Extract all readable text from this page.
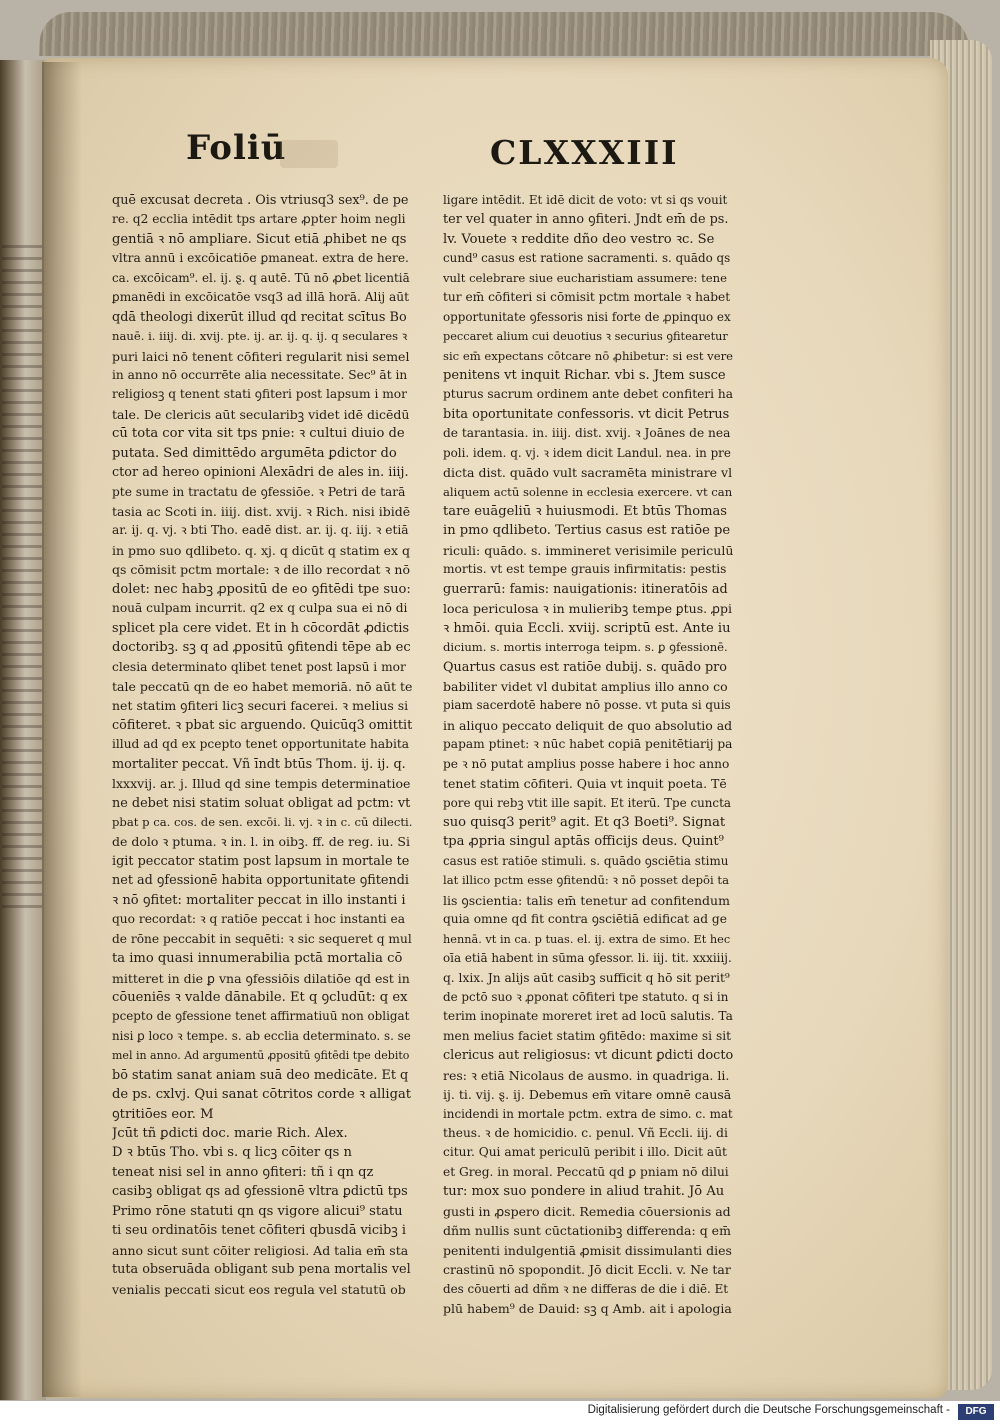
Foliū	CLXXXIII
quē excusat decreta . Ois vtriusq3 sex⁹. de pe
re. q2 ecclia intēdit tps artare ꝓpter hoim negli
gentiā ꝛ nō ampliare. Sicut etiā ꝓhibet ne qs
vltra annū i excōicatiōe ꝑmaneat. extra de here.
ca. excōicam⁹. el. ij. ȿ. q autē. Tū nō ꝓbet licentiā
ꝑmanēdi in excōicatōe vsq3 ad illā horā. Alij aūt
qdā theologi dixerūt illud qd recitat scītus Bo
nauē. i. iiij. di. xvij. pte. ij. ar. ij. q. ij. q seculares ꝛ
puri laici nō tenent cōfiteri regularit nisi semel
in anno nō occurrēte alia necessitate. Sec⁹ āt in
religiosꝫ q tenent stati ꝯfiteri post lapsum i mor
tale. De clericis aūt secularibꝫ videt idē dicēdū
cū tota cor vita sit tps pnie: ꝛ cultui diuio de
putata. Sed dimittēdo argumēta ꝑdictor do
ctor ad hereo opinioni Alexādri de ales in. iiij.
pte sume in tractatu de ꝯfessiōe. ꝛ Petri de tarā
tasia ac Scoti in. iiij. dist. xvij. ꝛ Rich. nisi ibidē
ar. ij. q. vj. ꝛ bti Tho. eadē dist. ar. ij. q. iij. ꝛ etiā
in pmo suo qdlibeto. q. xj. q dicūt q statim ex q
qs cōmisit pctm mortale: ꝛ de illo recordat ꝛ nō
dolet: nec habꝫ ꝓpositū de eo ꝯfitēdi tpe suo:
nouā culpam incurrit. q2 ex q culpa sua ei nō di
splicet pla cere videt. Et in h cōcordāt ꝓdictis
doctoribꝫ. sꝫ q ad ꝓpositū ꝯfitendi tēpe ab ec
clesia determinato qlibet tenet post lapsū i mor
tale peccatū qn de eo habet memoriā. nō aūt te
net statim ꝯfiteri licꝫ securi facerei. ꝛ melius si
cōfiteret. ꝛ pbat sic arguendo. Quicūq3 omittit
illud ad qd ex pcepto tenet opportunitate habita
mortaliter peccat. Vñ īndt btūs Thom. ij. ij. q.
lxxxvij. ar. j. Illud qd sine tempis determinatioe
ne debet nisi statim soluat obligat ad pctm: vt
pbat p ca. cos. de sen. excōi. li. vj. ꝛ in c. cū dilecti.
de dolo ꝛ ptuma. ꝛ in. l. in oibꝫ. ff. de reg. iu. Si
igit peccator statim post lapsum in mortale te
net ad ꝯfessionē habita opportunitate ꝯfitendi
ꝛ nō ꝯfitet: mortaliter peccat in illo instanti i
quo recordat: ꝛ q ratiōe peccat i hoc instanti ea
de rōne peccabit in sequēti: ꝛ sic sequeret q mul
ta imo quasi innumerabilia pctā mortalia cō
mitteret in die ꝑ vna ꝯfessiōis dilatiōe qd est in
cōueniēs ꝛ valde dānabile. Et q ꝯcludūt: q ex
pcepto de ꝯfessione tenet affirmatiuū non obligat
nisi ꝑ loco ꝛ tempe. s. ab ecclia determinato. s. se
mel in anno. Ad argumentū ꝓpositū ꝯfitēdi tpe debito
bō statim sanat aniam suā deo medicāte. Et q
de ps. cxlvj. Qui sanat cōtritos corde ꝛ alligat
ꝯtritiōes eor. M
Jcūt tñ ꝑdicti doc. marie Rich. Alex.
D ꝛ btūs Tho. vbi s. q licꝫ cōiter qs n
teneat nisi sel in anno ꝯfiteri: tñ i qn qz
casibꝫ obligat qs ad ꝯfessionē vltra ꝑdictū tps
Primo rōne statuti qn qs vigore alicui⁹ statu
ti seu ordinatōis tenet cōfiteri qbusdā vicibꝫ i
anno sicut sunt cōiter religiosi. Ad talia em̄ sta
tuta obseruāda obligant sub pena mortalis vel
venialis peccati sicut eos regula vel statutū ob
ligare intēdit. Et idē dicit de voto: vt si qs vouit
ter vel quater in anno ꝯfiteri. Jndt em̄ de ps.
lv. Vouete ꝛ reddite dño deo vestro ꝛc. Se
cund⁹ casus est ratione sacramenti. s. quādo qs
vult celebrare siue eucharistiam assumere: tene
tur em̄ cōfiteri si cōmisit pctm mortale ꝛ habet
opportunitate ꝯfessoris nisi forte de ꝓpinquo ex
peccaret alium cui deuotius ꝛ securius ꝯfitearetur
sic em̄ expectans cōtcare nō ꝓhibetur: si est vere
penitens vt inquit Richar. vbi s. Jtem susce
pturus sacrum ordinem ante debet confiteri ha
bita oportunitate confessoris. vt dicit Petrus
de tarantasia. in. iiij. dist. xvij. ꝛ Joānes de nea
poli. idem. q. vj. ꝛ idem dicit Landul. nea. in pre
dicta dist. quādo vult sacramēta ministrare vl
aliquem actū solenne in ecclesia exercere. vt can
tare euāgeliū ꝛ huiusmodi. Et btūs Thomas
in pmo qdlibeto. Tertius casus est ratiōe pe
riculi: quādo. s. immineret verisimile periculū
mortis. vt est tempe grauis infirmitatis: pestis
guerrarū: famis: nauigationis: itineratōis ad
loca periculosa ꝛ in mulieribꝫ tempe ꝑtus. ꝓpi
ꝛ hmōi. quia Eccli. xviij. scriptū est. Ante iu
dicium. s. mortis interroga teipm. s. ꝑ ꝯfessionē.
Quartus casus est ratiōe dubij. s. quādo pro
babiliter videt vl dubitat amplius illo anno co
piam sacerdotē habere nō posse. vt puta si quis
in aliquo peccato deliquit de quo absolutio ad
papam ptinet: ꝛ nūc habet copiā penitētiarij pa
pe ꝛ nō putat amplius posse habere i hoc anno
tenet statim cōfiteri. Quia vt inquit poeta. Tē
pore qui rebꝫ vtit ille sapit. Et iterū. Tpe cuncta
suo quisq3 perit⁹ agit. Et q3 Boeti⁹. Signat
tpa ꝓpria singul aptās officijs deus. Quint⁹
casus est ratiōe stimuli. s. quādo ꝯsciētia stimu
lat illico pctm esse ꝯfitendū: ꝛ nō posset depōi ta
lis ꝯscientia: talis em̄ tenetur ad confitendum
quia omne qd fit contra ꝯsciētiā edificat ad ge
hennā. vt in ca. p tuas. el. ij. extra de simo. Et hec
oīa etiā habent in sūma ꝯfessor. li. iij. tit. xxxiiij.
q. lxix. Jn alijs aūt casibꝫ sufficit q hō sit perit⁹
de pctō suo ꝛ ꝓponat cōfiteri tpe statuto. q si in
terim inopinate moreret iret ad locū salutis. Ta
men melius faciet statim ꝯfitēdo: maxime si sit
clericus aut religiosus: vt dicunt ꝑdicti docto
res: ꝛ etiā Nicolaus de ausmo. in quadriga. li.
ij. ti. vij. ȿ. ij. Debemus em̄ vitare omnē causā
incidendi in mortale pctm. extra de simo. c. mat
theus. ꝛ de homicidio. c. penul. Vñ Eccli. iij. di
citur. Qui amat periculū peribit i illo. Dicit aūt
et Greg. in moral. Peccatū qd ꝑ pniam nō dilui
tur: mox suo pondere in aliud trahit. Jō Au
gusti in ꝓspero dicit. Remedia cōuersionis ad
dñm nullis sunt cūctationibꝫ differenda: q em̄
penitenti indulgentiā ꝓmisit dissimulanti dies
crastinū nō spopondit. Jō dicit Eccli. v. Ne tar
des cōuerti ad dñm ꝛ ne differas de die i diē. Et
plū habem⁹ de Dauid: sꝫ q Amb. ait i apologia
Digitalisierung gefördert durch die Deutsche Forschungsgemeinschaft -	DFG
